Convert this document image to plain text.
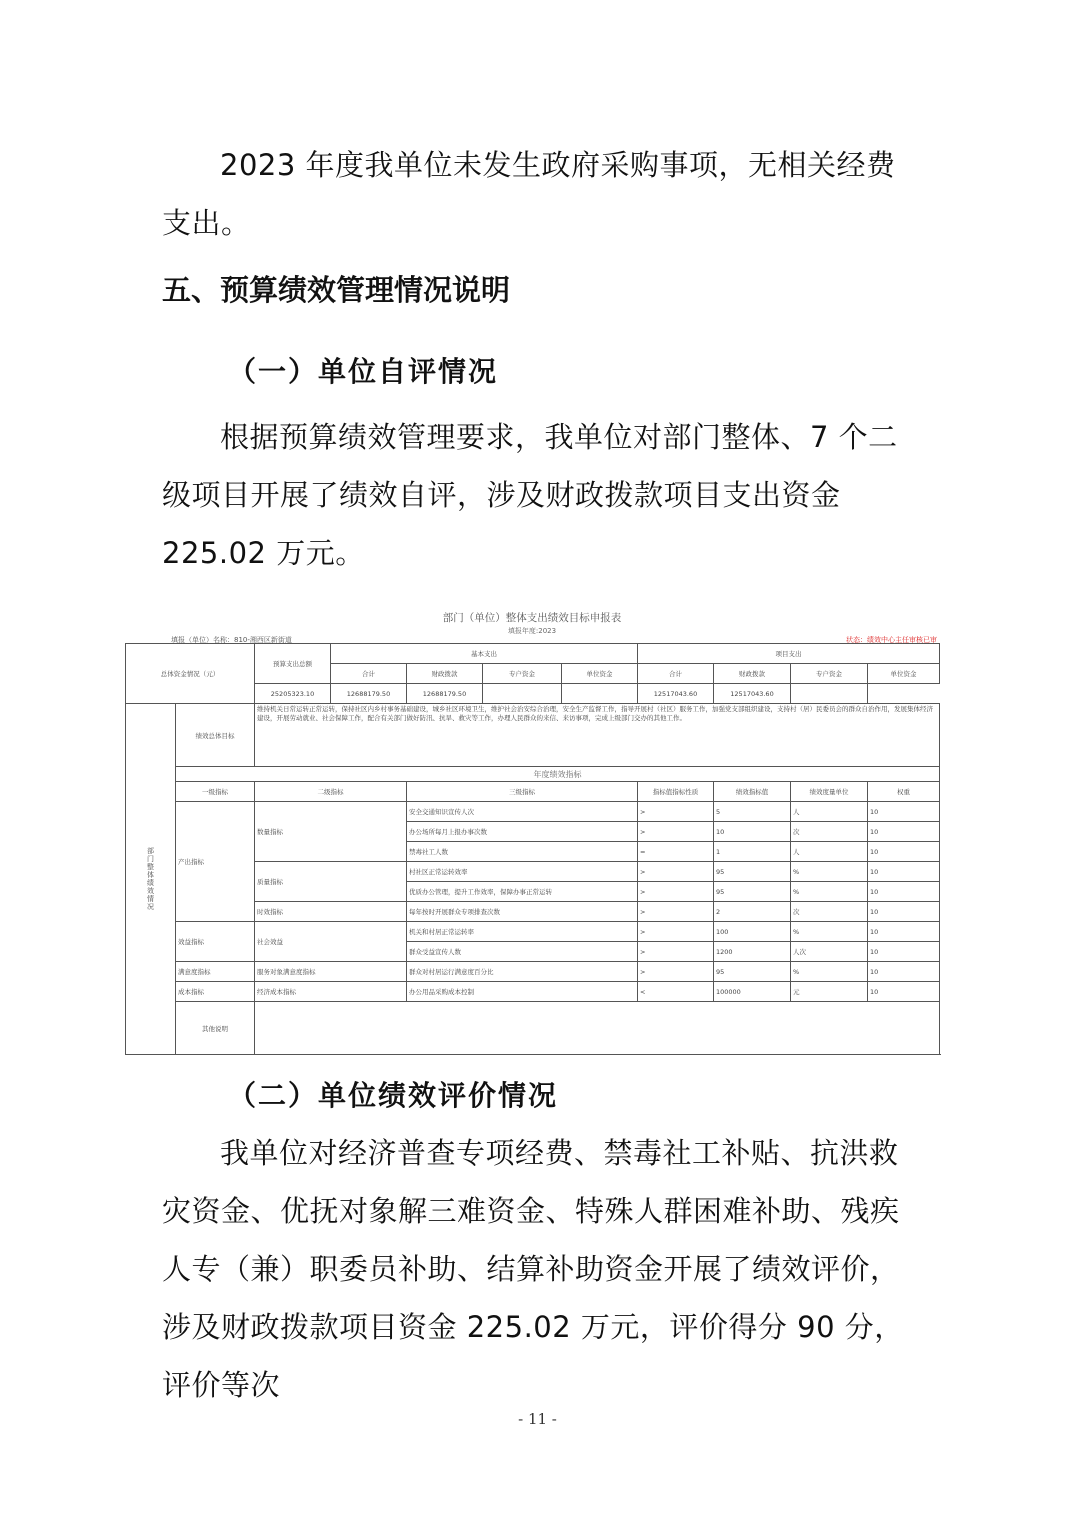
2023 年度我单位未发生政府采购事项，无相关经费支出。

五、预算绩效管理情况说明
（一）单位自评情况

根据预算绩效管理要求，我单位对部门整体、7 个二级项目开展了绩效自评，涉及财政拨款项目支出资金 225.02 万元。

部门（单位）整体支出绩效目标申报表
填报年度:2023
填报（单位）名称：810-湘西区新街道	状态：绩效中心主任审核已审
总体资金情况（元）		预算支出总额	基本支出				项目支出			
			合计	财政拨款	专户资金	单位资金	合计	财政拨款	专户资金	单位资金
		25205323.10	12688179.50	12688179.50			12517043.60	12517043.60		
部门整体绩效情况	绩效总体目标	维持机关日常运转正常运转，保持社区内乡村事务基础建设，城乡社区环境卫生，维护社会治安综合治理，安全生产监督工作，指导开展村（社区）服务工作，加强党支部组织建设，支持村（居）民委员会的群众自治作用，发展集体经济建设，开展劳动就业、社会保障工作，配合有关部门做好防汛、抗旱、救灾等工作，办理人民群众的来信、来访事项，完成上级部门交办的其他工作。								
	年度绩效指标									
	一级指标	二级指标		三级指标			指标值指标性质	绩效指标值	绩效度量单位	权重
	产出指标	数量指标		安全交通知识宣传人次			>	5	人	10
				办公场所每月上报办事次数			>	10	次	10
				禁毒社工人数			=	1	人	10
		质量指标		村社区正常运转效率			>	95	%	10
				优质办公管理，提升工作效率，保障办事正常运转			>	95	%	10
		时效指标		每年按时开展群众专项排查次数			>	2	次	10
	效益指标	社会效益		机关和村居正常运转率			>	100	%	10
				群众受益宣传人数			>	1200	人次	10
	满意度指标	服务对象满意度指标		群众对村居运行满意度百分比			>	95	%	10
	成本指标	经济成本指标		办公用品采购成本控制			<	100000	元	10
	其他说明									
（二）单位绩效评价情况

我单位对经济普查专项经费、禁毒社工补贴、抗洪救灾资金、优抚对象解三难资金、特殊人群困难补助、残疾人专（兼）职委员补助、结算补助资金开展了绩效评价，涉及财政拨款项目资金 225.02 万元，评价得分 90 分，评价等次

- 11 -
